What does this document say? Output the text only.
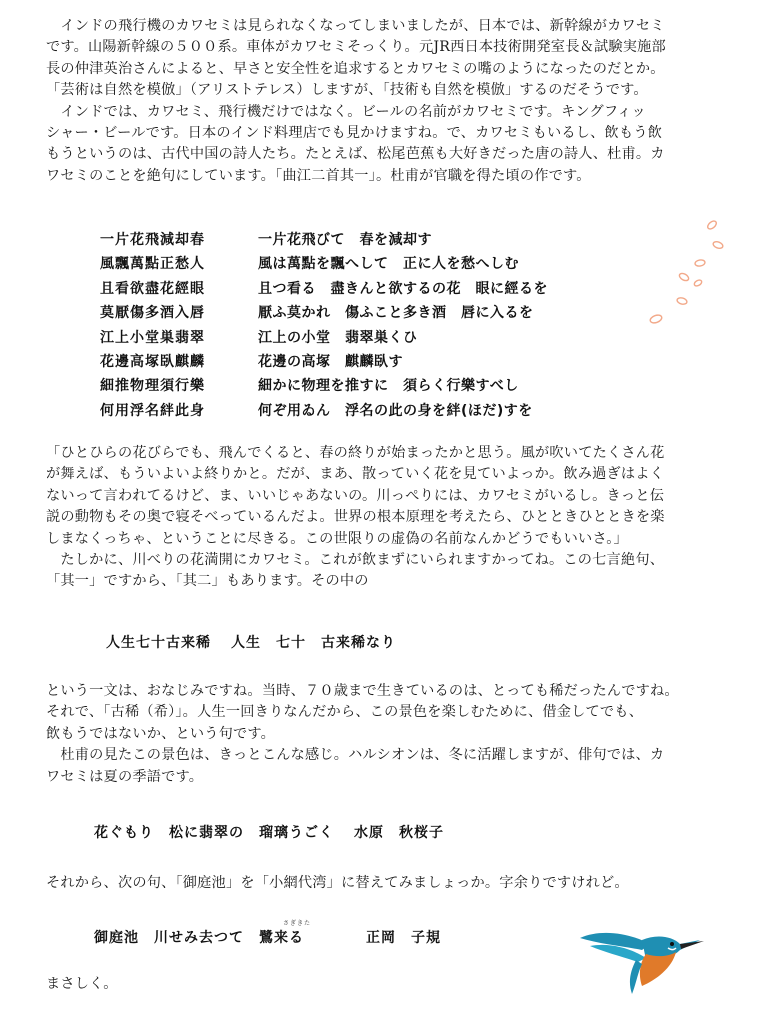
　インドの飛行機のカワセミは見られなくなってしまいましたが、日本では、新幹線がカワセミ
です。山陽新幹線の５００系。車体がカワセミそっくり。元JR西日本技術開発室長＆試験実施部
長の仲津英治さんによると、早さと安全性を追求するとカワセミの嘴のようになったのだとか。
「芸術は自然を模倣」（アリストテレス）しますが、「技術も自然を模倣」するのだそうです。
　インドでは、カワセミ、飛行機だけではなく。ビールの名前がカワセミです。キングフィッ
シャー・ビールです。日本のインド料理店でも見かけますね。で、カワセミもいるし、飲もう飲
もうというのは、古代中国の詩人たち。たとえば、松尾芭蕉も大好きだった唐の詩人、杜甫。カ
ワセミのことを絶句にしています。「曲江二首其一」。杜甫が官職を得た頃の作です。
一片花飛減却春	一片花飛びて　春を減却す
風飄萬點正愁人	風は萬點を飄へして　正に人を愁へしむ
且看欲盡花經眼	且つ看る　盡きんと欲するの花　眼に經るを
莫厭傷多酒入唇	厭ふ莫かれ　傷ふこと多き酒　唇に入るを
江上小堂巣翡翠	江上の小堂　翡翠巣くひ
花邊高塚臥麒麟	花邊の高塚　麒麟臥す
細推物理須行樂	細かに物理を推すに　須らく行樂すべし
何用浮名絆此身	何ぞ用ゐん　浮名の此の身を絆(ほだ)すを
「ひとひらの花びらでも、飛んでくると、春の終りが始まったかと思う。風が吹いてたくさん花
が舞えば、もういよいよ終りかと。だが、まあ、散っていく花を見ていよっか。飲み過ぎはよく
ないって言われてるけど、ま、いいじゃあないの。川っぺりには、カワセミがいるし。きっと伝
説の動物もその奥で寝そべっているんだよ。世界の根本原理を考えたら、ひとときひとときを楽
しまなくっちゃ、ということに尽きる。この世限りの虚偽の名前なんかどうでもいいさ。」
　たしかに、川べりの花満開にカワセミ。これが飲まずにいられますかってね。この七言絶句、
「其一」ですから、「其二」もあります。その中の
人生七十古来稀 人生　七十　古来稀なり
という一文は、おなじみですね。当時、７０歳まで生きているのは、とっても稀だったんですね。
それで、「古稀（希）」。人生一回きりなんだから、この景色を楽しむために、借金してでも、
飲もうではないか、という句です。
　杜甫の見たこの景色は、きっとこんな感じ。ハルシオンは、冬に活躍しますが、俳句では、カ
ワセミは夏の季語です。
花ぐもり　松に翡翠の　瑠璃うごく 水原　秋桜子
それから、次の句、「御庭池」を「小網代湾」に替えてみましょっか。字余りですけれど。
さぎきた
御庭池　川せみ去つて　鷺来る	正岡　子規
まさしく。
